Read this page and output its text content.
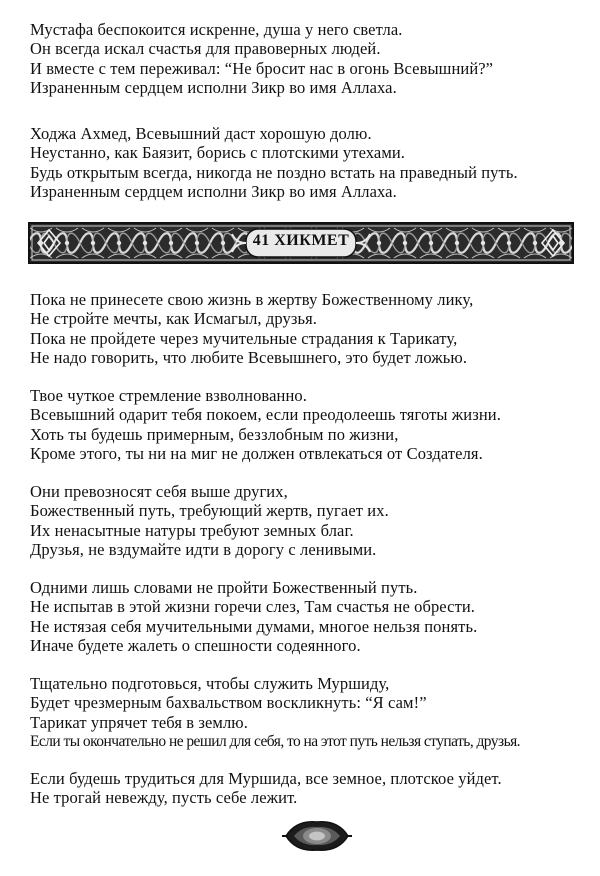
Мустафа беспокоится искренне, душа у него светла.
Он всегда искал счастья для правоверных людей.
И вместе с тем переживал: “Не бросит нас в огонь Всевышний?”
Израненным сердцем исполни Зикр во имя Аллаха.
Ходжа Ахмед, Всевышний даст хорошую долю.
Неустанно, как Баязит, борись с плотскими утехами.
Будь открытым всегда, никогда не поздно встать на праведный путь.
Израненным сердцем исполни Зикр во имя Аллаха.
41 ХИКМЕТ
Пока не принесете свою жизнь в жертву Божественному лику,
Не стройте мечты, как Исмагыл, друзья.
Пока не пройдете через мучительные страдания к Тарикату,
Не надо говорить, что любите Всевышнего, это будет ложью.
Твое чуткое стремление взволнованно.
Всевышний одарит тебя покоем, если преодолеешь тяготы жизни.
Хоть ты будешь примерным, беззлобным по жизни,
Кроме этого, ты ни на миг не должен отвлекаться от Создателя.
Они превозносят себя выше других,
Божественный путь, требующий жертв, пугает их.
Их ненасытные натуры требуют земных благ.
Друзья, не вздумайте идти в дорогу с ленивыми.
Одними лишь словами не пройти Божественный путь.
Не испытав в этой жизни горечи слез, Там счастья не обрести.
Не истязая себя мучительными думами, многое нельзя понять.
Иначе будете жалеть о спешности содеянного.
Тщательно подготовься, чтобы служить Муршиду,
Будет чрезмерным бахвальством воскликнуть: “Я сам!”
Тарикат упрячет тебя в землю.
Если ты окончательно не решил для себя, то на этот путь нельзя ступать, друзья.
Если будешь трудиться для Муршида, все земное, плотское уйдет.
Не трогай невежду, пусть себе лежит.
